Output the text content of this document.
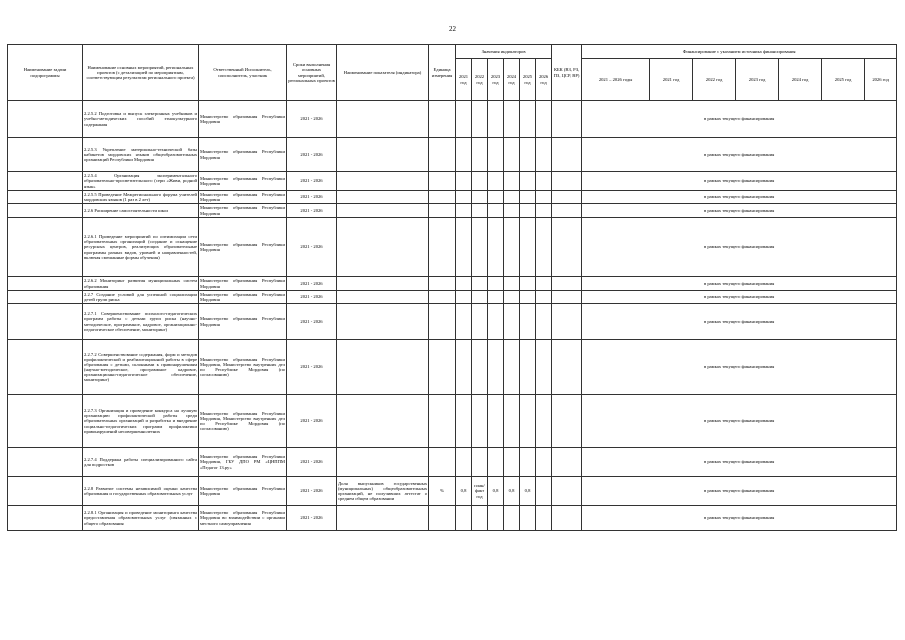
22
Наименование задачи подпрограммы	Наименование основных мероприятий, региональных проектов (с детализацией по мероприятиям, соответствующим результатам регионального проекта)	Ответственный Исполнитель, соисполнитель, участник	Сроки выполнения основных мероприятий, региональных проектов	Наименование показателя (индикатора)	Единица измерения	Значения индикаторов						КБК (ВЗ, РЗ, ПЗ, ЦСР, ВР)	Финансирование с указанием источника финансирования						
						2021 год	2022 год	2023 год	2024 год	2025 год	2026 год		2021 – 2026 годы	2021 год	2022 год	2023 год	2024 год	2025 год	2026 год
	2.2.5.2 Подготовка и выпуск электронных учебников и учебно-методических пособий этнокультурного содержания	Министерство образования Республики Мордовия	2021 - 2026										в рамках текущего финансирования						
	2.2.5.3 Укрепление материально-технической базы кабинетов мордовских языков общеобразовательных организаций Республики Мордовия	Министерство образования Республики Мордовия	2021 - 2026										в рамках текущего финансирования						
	2.2.5.4 Организация экспериментального образовательно-просветительского (сери «Живи, родной язык»	Министерство образования Республики Мордовия	2021 - 2026										в рамках текущего финансирования						
	2.2.5.5 Проведение Межрегионального форума учителей мордовских языков (1 раз в 2 лет)	Министерство образования Республики Мордовия	2021 - 2026										в рамках текущего финансирования						
	2.2.6 Расширение самостоятельности школ	Министерство образования Республики Мордовия	2021 - 2026										в рамках текущего финансирования						
	2.2.6.1 Проведение мероприятий по оптимизации сети образовательных организаций (создание и оснащение ресурсных центров, реализующих образовательные программы разных видов, уровней и направленностей, включая смешанные формы обучения)	Министерство образования Республики Мордовия	2021 - 2026										в рамках текущего финансирования						
	2.2.6.2 Мониторинг развития муниципальных систем образования	Министерство образования Республики Мордовия	2021 - 2026										в рамках текущего финансирования						
	2.2.7 Создание условий для успешной социализации детей групп риска	Министерство образования Республики Мордовия	2021 - 2026										в рамках текущего финансирования						
	2.2.7.1 Совершенствование психолого-педагогических программ работы с детьми групп риска (научно-методическое, программное, кадровое, организационно-педагогическое обеспечение, мониторинг)	Министерство образования Республики Мордовия	2021 - 2026										в рамках текущего финансирования						
	2.2.7.2 Совершенствование содержания, форм и методов профилактической и реабилитационной работы в сфере образования с детьми, склонными к правонарушениям (научно-методическое, программное кадровое, организационно-педагогическое обеспечение, мониторинг)	Министерство образования Республики Мордовия, Министерство внутренних дел по Республике Мордовия (по согласованию)	2021 - 2026										в рамках текущего финансирования						
	2.2.7.3 Организация и проведение конкурса на лучшую организацию профилактической работы среди образовательных организаций и разработка и внедрение социально-педагогических программ профилактики правонарушений несовершеннолетних	Министерство образования Республики Мордовия, Министерство внутренних дел по Республике Мордовия (по согласованию)	2021 - 2026										в рамках текущего финансирования						
	2.2.7.4 Поддержка работы специализированного сайта для подростков	Министерство образования Республики Мордовия, ГБУ ДПО РМ «ЦНППМ «Педагог 13.ру»	2021 - 2026										в рамках текущего финансирования						
	2.2.8 Развитие системы независимой оценки качества образования и государственных образовательных услуг	Министерство образования Республики Мордовия	2021 - 2026	Доля выпускников государственных (муниципальных) общеобразовательных организаций, не получивших аттестат о среднем общем образовании	%	0,8	план/факт год	0,8	0,8	0,8			в рамках текущего финансирования						
	2.2.8.1 Организация и проведение мониторинга качества предоставления образовательных услуг (связанных с общего образования	Министерство образования Республики Мордовия во взаимодействии с органами местного самоуправления	2021 - 2026										в рамках текущего финансирования						
